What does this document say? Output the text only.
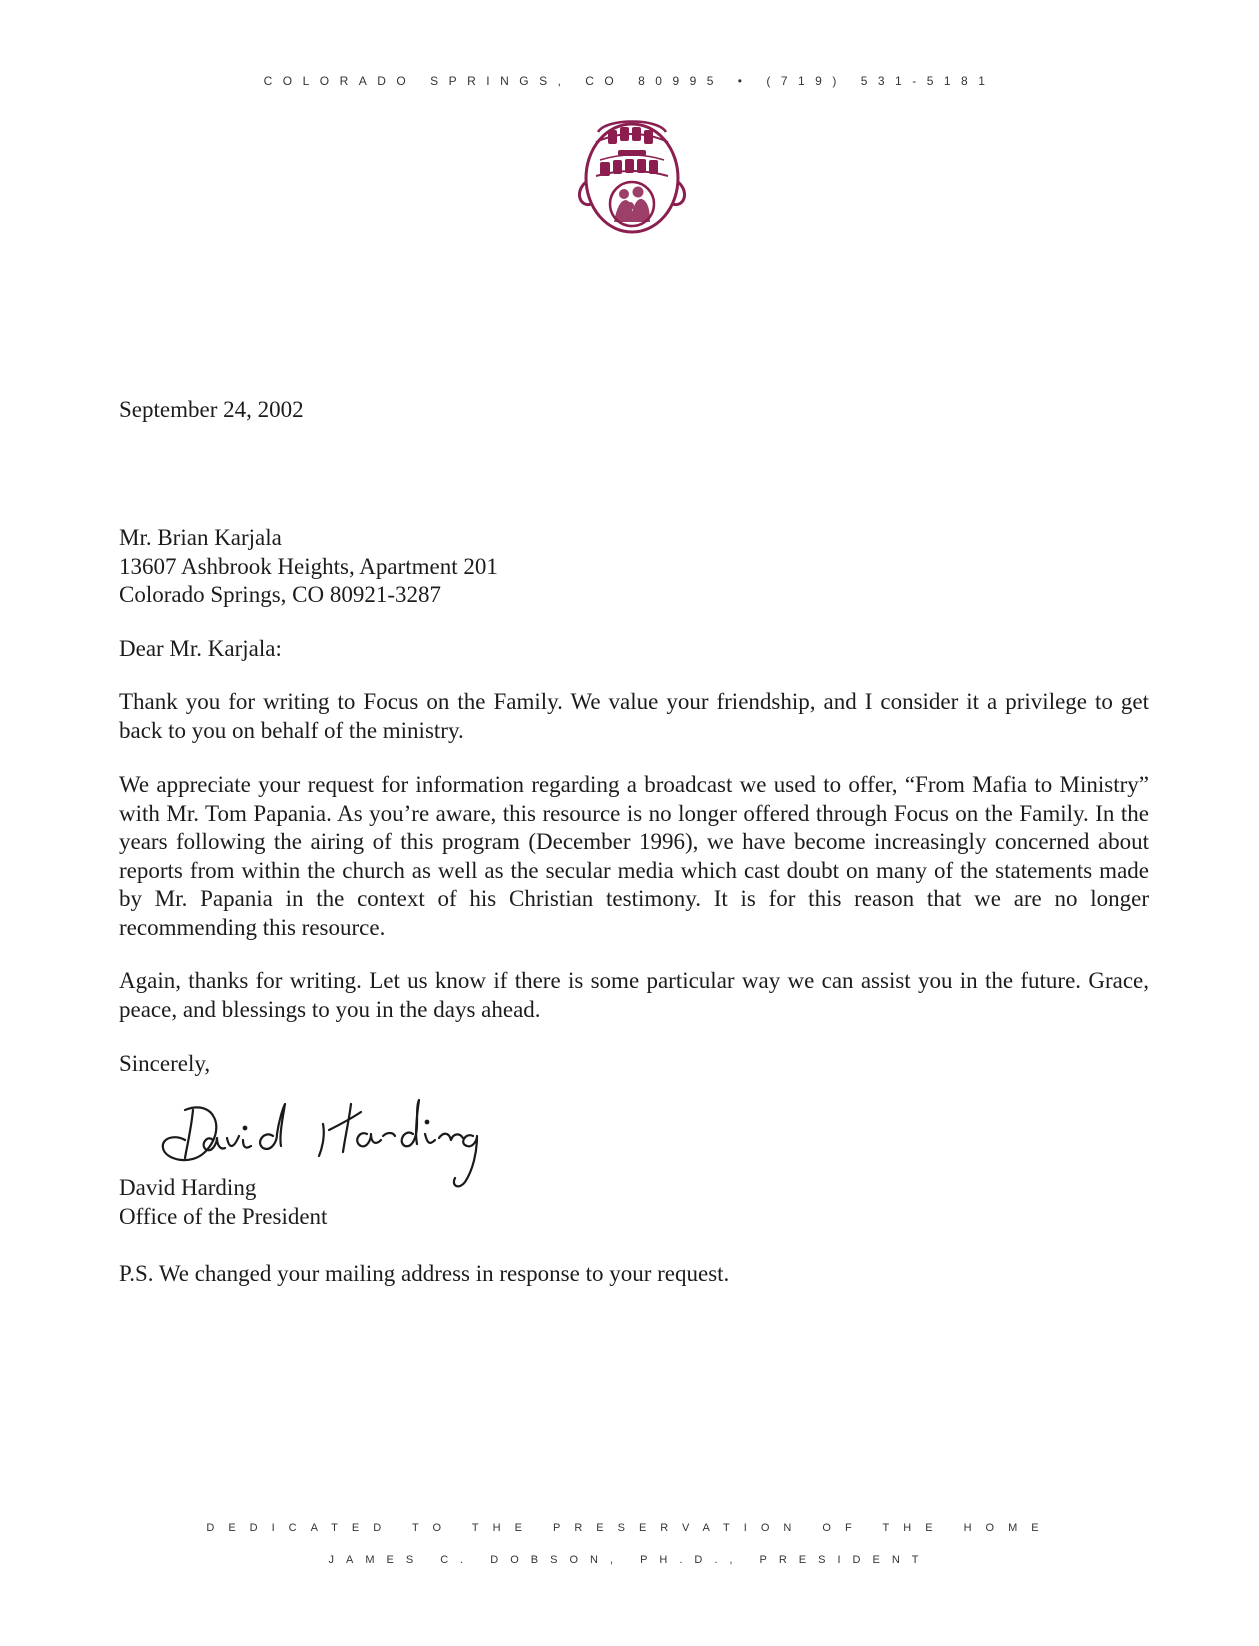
COLORADO SPRINGS, CO 80995 • (719) 531-5181

September 24, 2002

Mr. Brian Karjala
13607 Ashbrook Heights, Apartment 201
Colorado Springs, CO 80921-3287

Dear Mr. Karjala:

Thank you for writing to Focus on the Family. We value your friendship, and I consider it a privilege to get back to you on behalf of the ministry.

We appreciate your request for information regarding a broadcast we used to offer, “From Mafia to Ministry” with Mr. Tom Papania. As you’re aware, this resource is no longer offered through Focus on the Family. In the years following the airing of this program (December 1996), we have become increasingly concerned about reports from within the church as well as the secular media which cast doubt on many of the statements made by Mr. Papania in the context of his Christian testimony. It is for this reason that we are no longer recommending this resource.

Again, thanks for writing. Let us know if there is some particular way we can assist you in the future. Grace, peace, and blessings to you in the days ahead.

Sincerely,

David Harding
Office of the President

P.S. We changed your mailing address in response to your request.

DEDICATED TO THE PRESERVATION OF THE HOME
JAMES C. DOBSON, PH.D., PRESIDENT
